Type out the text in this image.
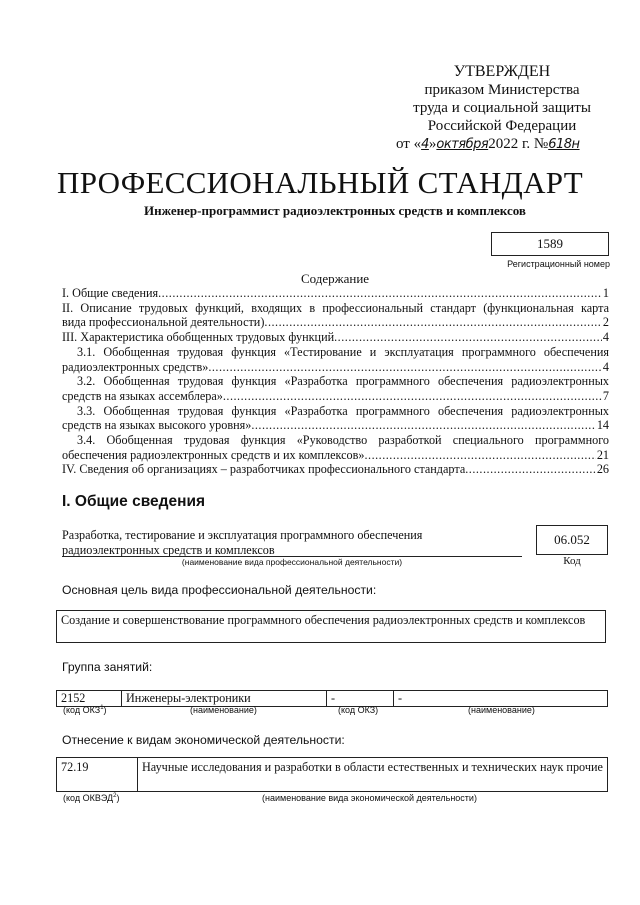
УТВЕРЖДЕН
приказом Министерства
труда и социальной защиты
Российской Федерации
от «4»октября2022 г. №618н
ПРОФЕССИОНАЛЬНЫЙ СТАНДАРТ
Инженер-программист радиоэлектронных средств и комплексов
1589
Регистрационный номер
Содержание
I. Общие сведения .....	1
II. Описание трудовых функций, входящих в профессиональный стандарт (функциональная карта
вида профессиональной деятельности) .....	2
III. Характеристика обобщенных трудовых функций .....	4
3.1. Обобщенная трудовая функция «Тестирование и эксплуатация программного обеспечения
радиоэлектронных средств» .....	4
3.2. Обобщенная трудовая функция «Разработка программного обеспечения радиоэлектронных
средств на языках ассемблера» .....	7
3.3. Обобщенная трудовая функция «Разработка программного обеспечения радиоэлектронных
средств на языках высокого уровня» .....	14
3.4. Обобщенная трудовая функция «Руководство разработкой специального программного
обеспечения радиоэлектронных средств и их комплексов» .....	21
IV. Сведения об организациях – разработчиках профессионального стандарта .....	26
I. Общие сведения
Разработка, тестирование и эксплуатация программного обеспечения радиоэлектронных средств и комплексов
(наименование вида профессиональной деятельности)
06.052
Код
Основная цель вида профессиональной деятельности:
Создание и совершенствование программного обеспечения радиоэлектронных средств и комплексов
Группа занятий:
2152	Инженеры-электроники	-	-
(код ОКЗ$^1$)	(наименование)	(код ОКЗ)	(наименование)
Отнесение к видам экономической деятельности:
72.19	Научные исследования и разработки в области естественных и технических наук прочие
(код ОКВЭД$^2$)	(наименование вида экономической деятельности)
